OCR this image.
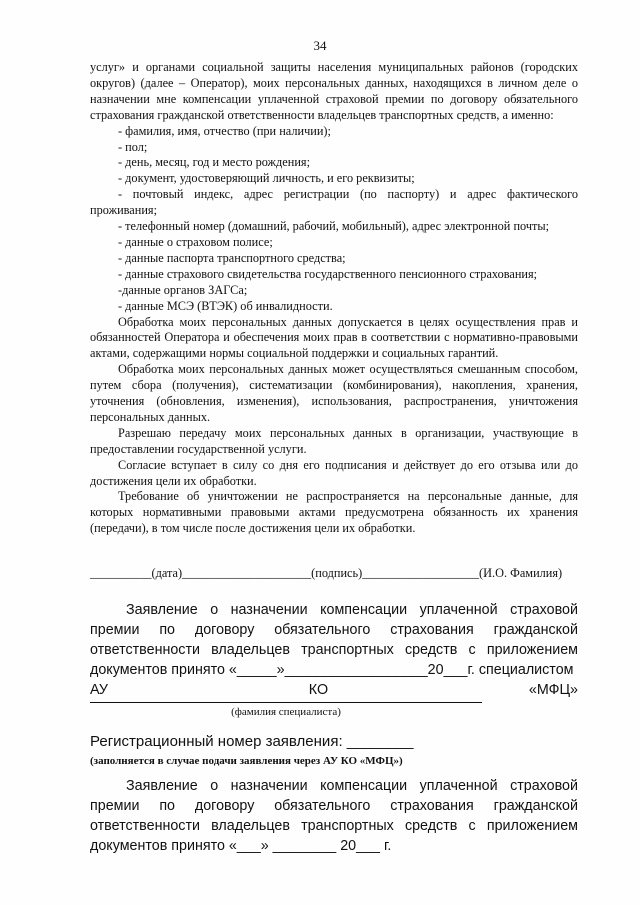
34

услуг» и органами социальной защиты населения муниципальных районов (городских округов) (далее – Оператор), моих персональных данных, находящихся в личном деле о назначении мне компенсации уплаченной страховой премии по договору обязательного страхования гражданской ответственности владельцев транспортных средств, а именно:

- фамилия, имя, отчество (при наличии);

- пол;

- день, месяц, год и место рождения;

- документ, удостоверяющий личность, и его реквизиты;

- почтовый индекс, адрес регистрации (по паспорту) и адрес фактического проживания;

- телефонный номер (домашний, рабочий, мобильный), адрес электронной почты;

- данные о страховом полисе;

- данные паспорта транспортного средства;

- данные страхового свидетельства государственного пенсионного страхования;

-данные органов ЗАГСа;

- данные МСЭ (ВТЭК) об инвалидности.

Обработка моих персональных данных допускается в целях осуществления прав и обязанностей Оператора и обеспечения моих прав в соответствии с нормативно-правовыми актами, содержащими нормы социальной поддержки и социальных гарантий.

Обработка моих персональных данных может осуществляться смешанным способом, путем сбора (получения), систематизации (комбинирования), накопления, хранения, уточнения (обновления, изменения), использования, распространения, уничтожения персональных данных.

Разрешаю передачу моих персональных данных в организации, участвующие в предоставлении государственной услуги.

Согласие вступает в силу со дня его подписания и действует до его отзыва или до достижения цели их обработки.

Требование об уничтожении не распространяется на персональные данные, для которых нормативными правовыми актами предусмотрена обязанность их хранения (передачи), в том числе после достижения цели их обработки.

__________(дата)_____________________(подпись)___________________(И.О. Фамилия)

Заявление о назначении компенсации уплаченной страховой премии по договору обязательного страхования гражданской ответственности владельцев транспортных средств с приложением документов принято «_____»__________________20___г. специалистом

АУ	КО	«МФЦ»
(фамилия специалиста)
Регистрационный номер заявления: ________
(заполняется в случае подачи заявления через АУ КО «МФЦ»)

Заявление о назначении компенсации уплаченной страховой премии по договору обязательного страхования гражданской ответственности владельцев транспортных средств с приложением документов принято «___» ________ 20___ г.
